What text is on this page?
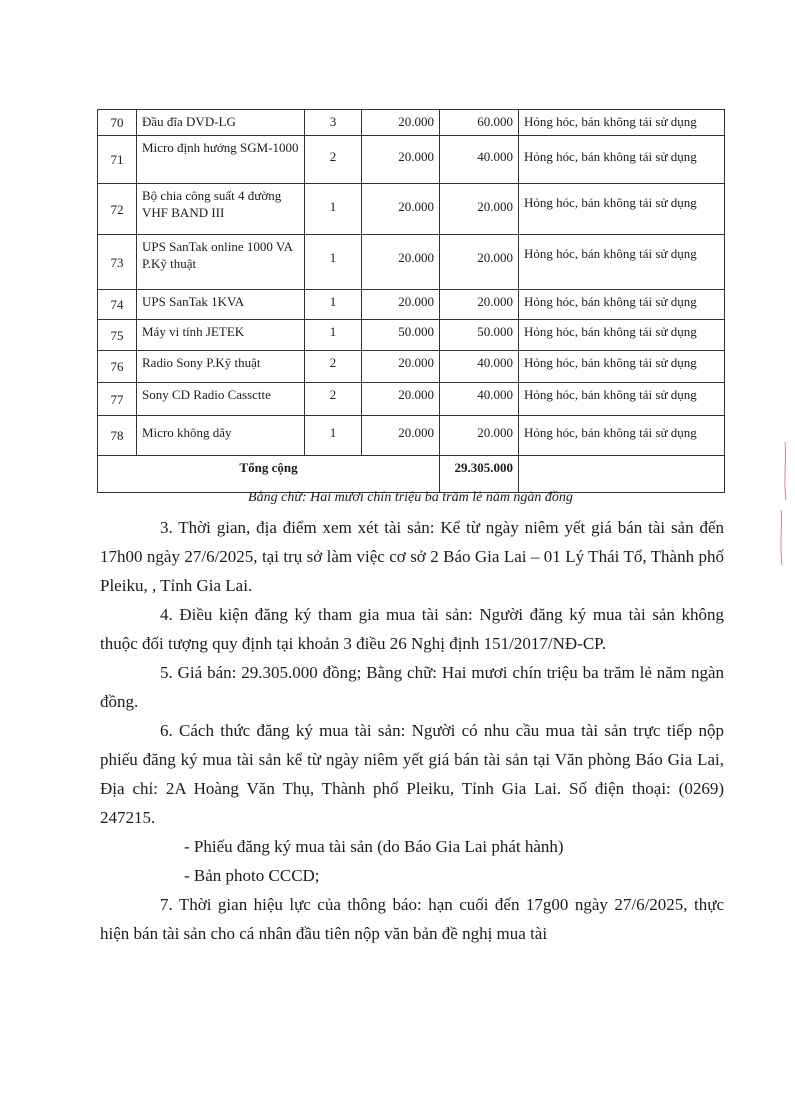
70	Đầu đĩa DVD-LG	3	20.000	60.000	Hỏng hóc, bán không tái sử dụng
71	Micro định hướng SGM-1000	2	20.000	40.000	Hỏng hóc, bán không tái sử dụng
72	Bộ chia công suất 4 đường VHF BAND III	1	20.000	20.000	Hỏng hóc, bán không tái sử dụng
73	UPS SanTak online 1000 VA P.Kỹ thuật	1	20.000	20.000	Hỏng hóc, bán không tái sử dụng
74	UPS SanTak 1KVA	1	20.000	20.000	Hỏng hóc, bán không tái sử dụng
75	Máy vi tính JETEK	1	50.000	50.000	Hỏng hóc, bán không tái sử dụng
76	Radio Sony P.Kỹ thuật	2	20.000	40.000	Hỏng hóc, bán không tái sử dụng
77	Sony CD Radio Cassctte	2	20.000	40.000	Hỏng hóc, bán không tái sử dụng
78	Micro không dây	1	20.000	20.000	Hỏng hóc, bán không tái sử dụng
Tổng cộng				29.305.000	
Bằng chữ: Hai mươi chín triệu ba trăm lẻ năm ngàn đồng

3. Thời gian, địa điểm xem xét tài sản: Kể từ ngày niêm yết giá bán tài sản đến 17h00 ngày 27/6/2025, tại trụ sở làm việc cơ sở 2 Báo Gia Lai – 01 Lý Thái Tổ, Thành phố Pleiku, , Tỉnh Gia Lai.

4. Điều kiện đăng ký tham gia mua tài sản: Người đăng ký mua tài sản không thuộc đối tượng quy định tại khoản 3 điều 26 Nghị định 151/2017/NĐ-CP.

5. Giá bán: 29.305.000 đồng; Bằng chữ: Hai mươi chín triệu ba trăm lẻ năm ngàn đồng.

6. Cách thức đăng ký mua tài sản: Người có nhu cầu mua tài sản trực tiếp nộp phiếu đăng ký mua tài sản kể từ ngày niêm yết giá bán tài sản tại Văn phòng Báo Gia Lai, Địa chỉ: 2A Hoàng Văn Thụ, Thành phố Pleiku, Tỉnh Gia Lai. Số điện thoại: (0269) 247215.

- Phiếu đăng ký mua tài sản (do Báo Gia Lai phát hành)

- Bản photo CCCD;

7. Thời gian hiệu lực của thông báo: hạn cuối đến 17g00 ngày 27/6/2025, thực hiện bán tài sản cho cá nhân đầu tiên nộp văn bản đề nghị mua tài
